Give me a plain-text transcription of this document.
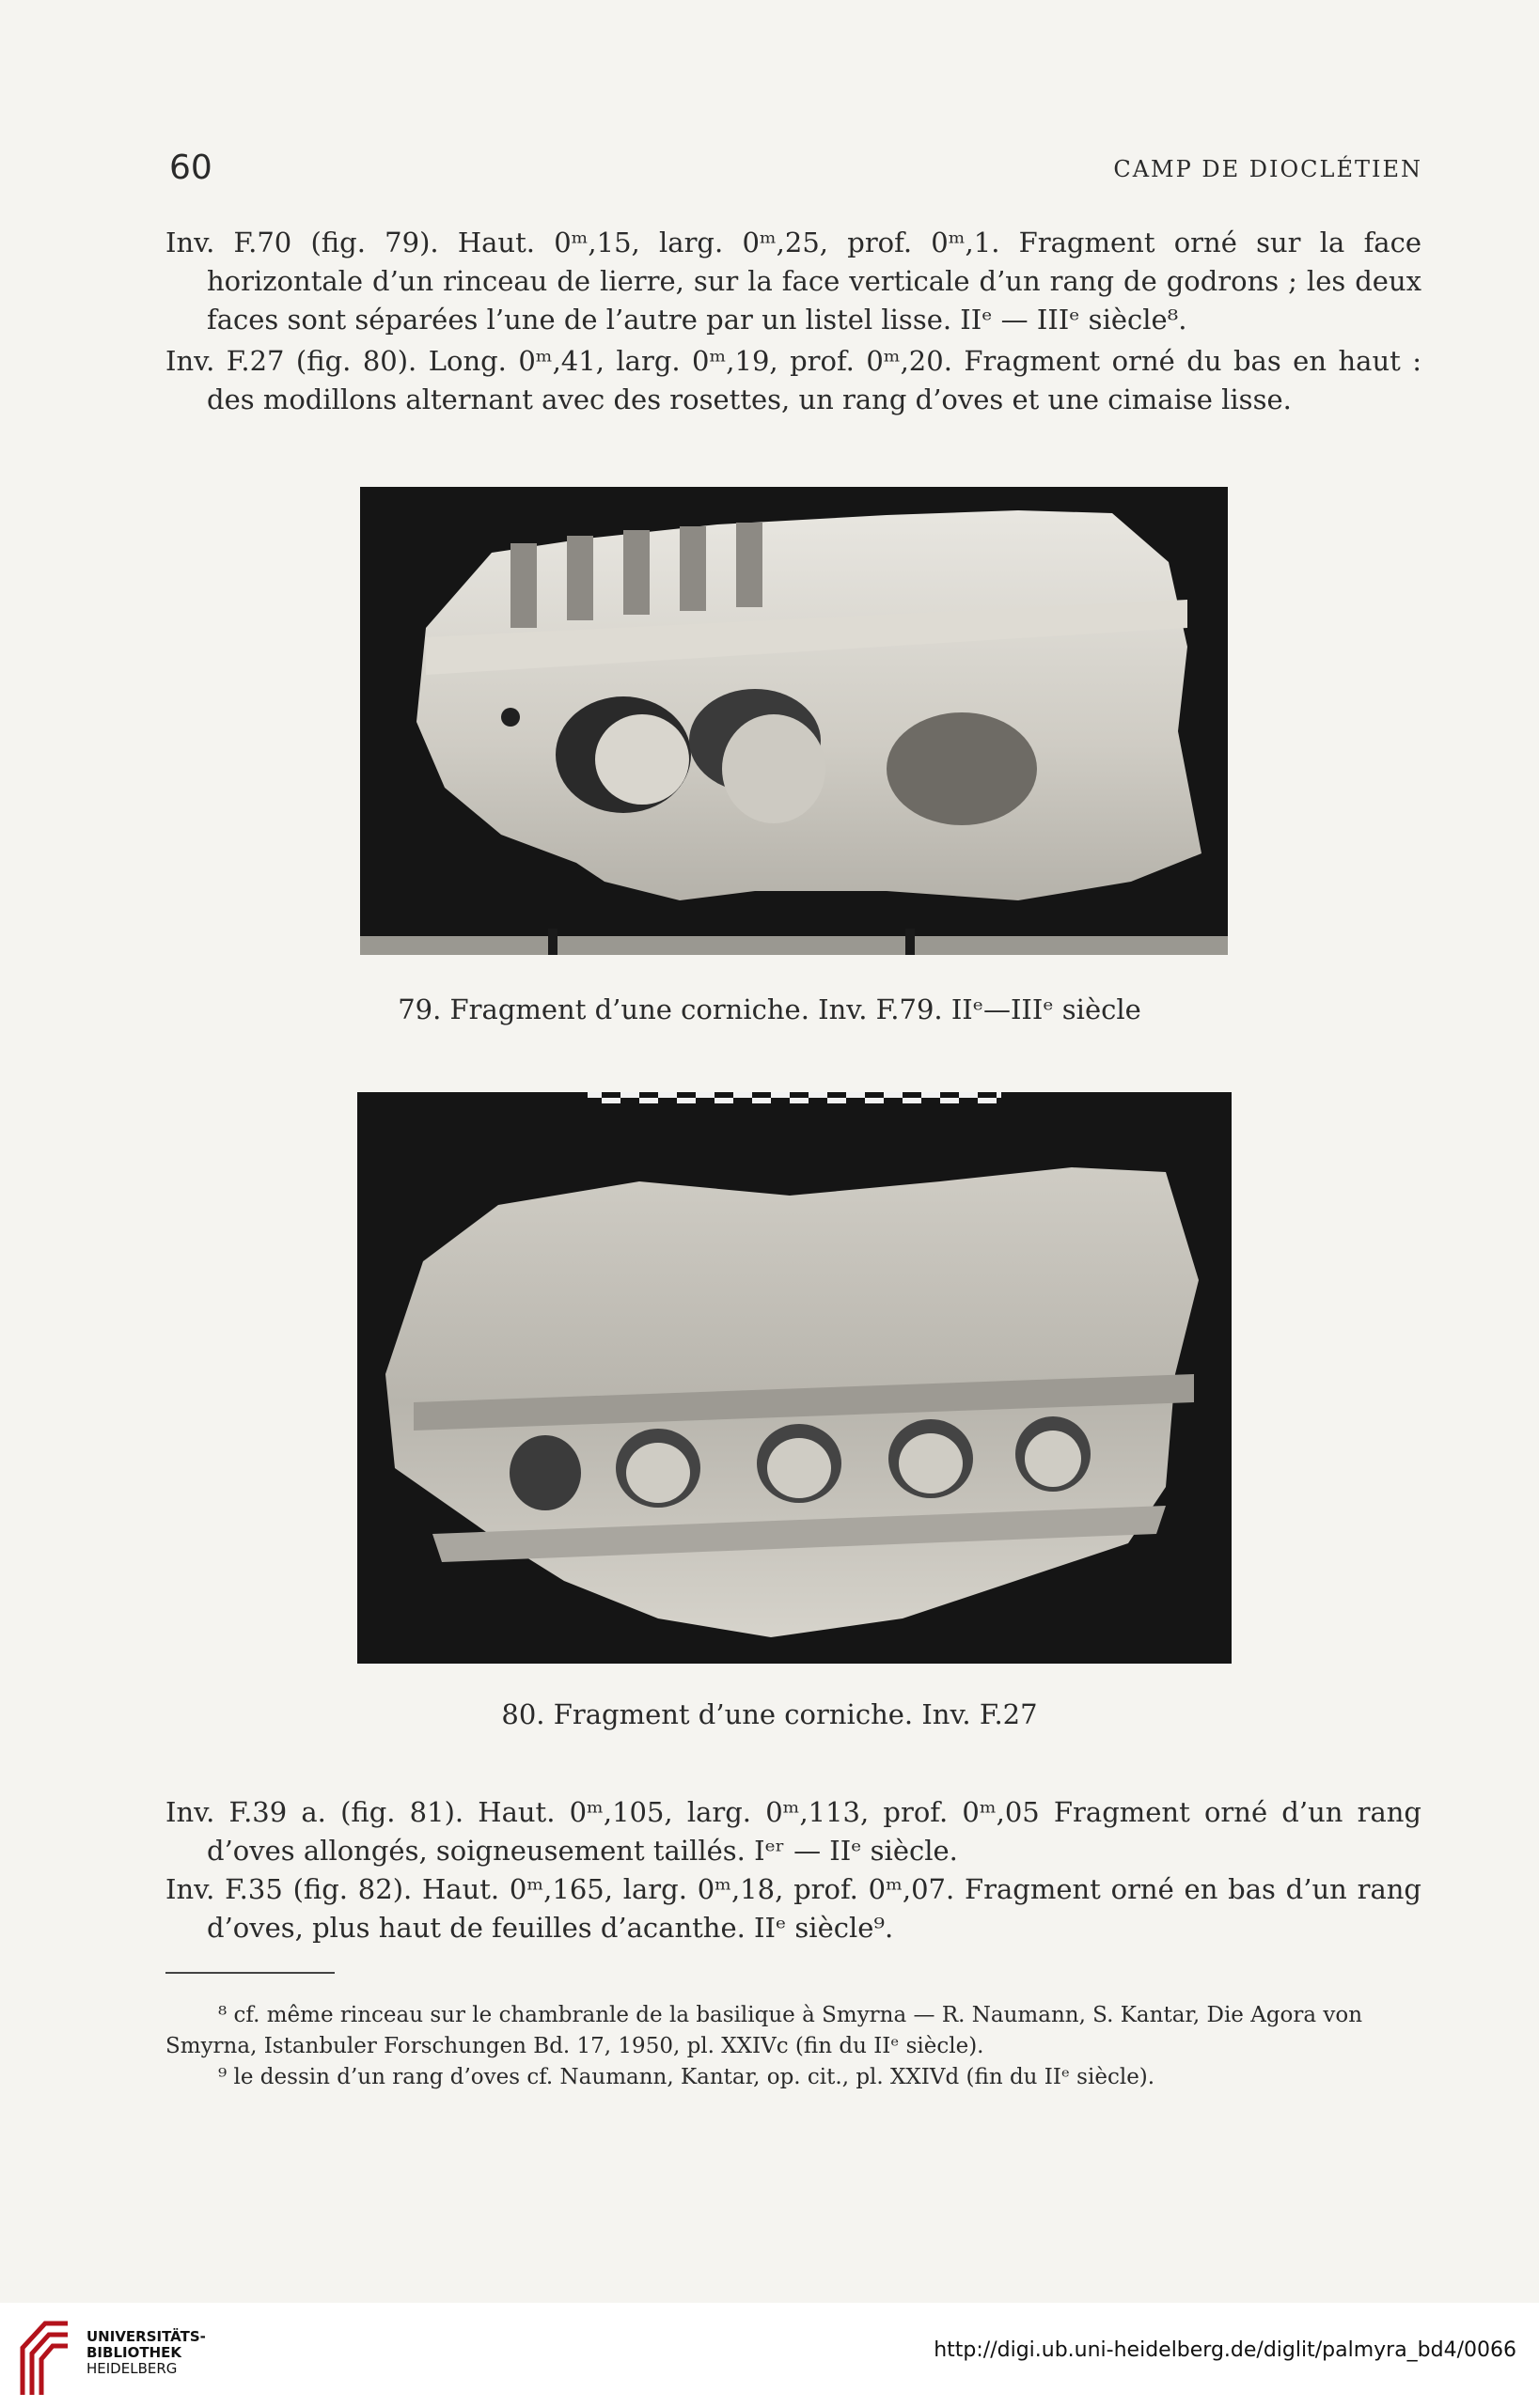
60	CAMP DE DIOCLÉTIEN

Inv. F.70 (fig. 79). Haut. 0ᵐ,15, larg. 0ᵐ,25, prof. 0ᵐ,1. Fragment orné sur la face horizontale d’un rinceau de lierre, sur la face verticale d’un rang de godrons ; les deux faces sont séparées l’une de l’autre par un listel lisse. IIᵉ — IIIᵉ siècle⁸.

Inv. F.27 (fig. 80). Long. 0ᵐ,41, larg. 0ᵐ,19, prof. 0ᵐ,20. Fragment orné du bas en haut : des modillons alternant avec des rosettes, un rang d’oves et une cimaise lisse.

79. Fragment d’une corniche. Inv. F.79. IIᵉ—IIIᵉ siècle
80. Fragment d’une corniche. Inv. F.27

Inv. F.39 a. (fig. 81). Haut. 0ᵐ,105, larg. 0ᵐ,113, prof. 0ᵐ,05 Fragment orné d’un rang d’oves allongés, soigneusement taillés. Iᵉʳ — IIᵉ siècle.

Inv. F.35 (fig. 82). Haut. 0ᵐ,165, larg. 0ᵐ,18, prof. 0ᵐ,07. Fragment orné en bas d’un rang d’oves, plus haut de feuilles d’acanthe. IIᵉ siècle⁹.

⁸ cf. même rinceau sur le chambranle de la basilique à Smyrna — R. Naumann, S. Kantar, Die Agora von Smyrna, Istanbuler Forschungen Bd. 17, 1950, pl. XXIVc (fin du IIᵉ siècle).

⁹ le dessin d’un rang d’oves cf. Naumann, Kantar, op. cit., pl. XXIVd (fin du IIᵉ siècle).

UNIVERSITÄTS-
BIBLIOTHEK
HEIDELBERG
http://digi.ub.uni-heidelberg.de/diglit/palmyra_bd4/0066
